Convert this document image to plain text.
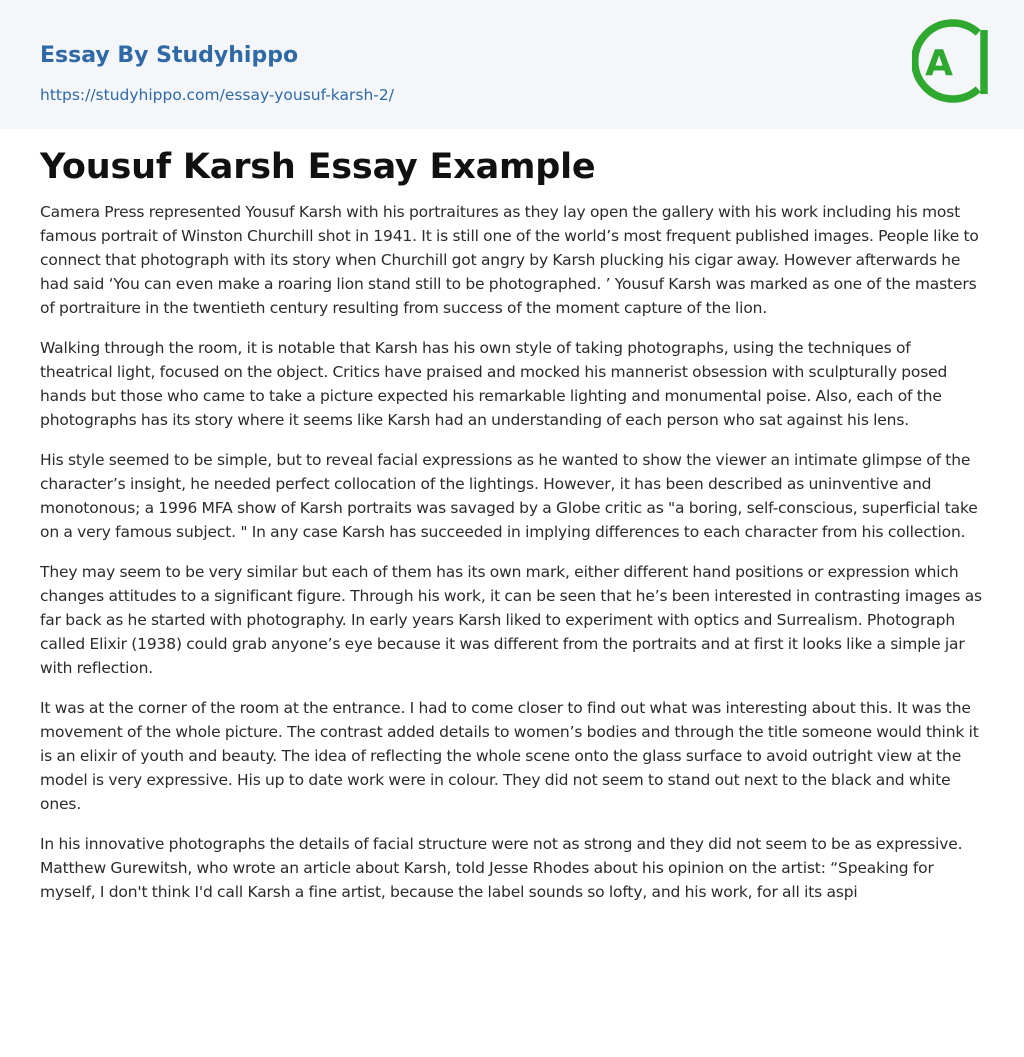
Essay By Studyhippo
https://studyhippo.com/essay-yousuf-karsh-2/
A
Yousuf Karsh Essay Example

Camera Press represented Yousuf Karsh with his portraitures as they lay open the gallery with his work including his most famous portrait of Winston Churchill shot in 1941. It is still one of the world’s most frequent published images. People like to connect that photograph with its story when Churchill got angry by Karsh plucking his cigar away. However afterwards he had said ‘You can even make a roaring lion stand still to be photographed. ’ Yousuf Karsh was marked as one of the masters of portraiture in the twentieth century resulting from success of the moment capture of the lion.

Walking through the room, it is notable that Karsh has his own style of taking photographs, using the techniques of theatrical light, focused on the object. Critics have praised and mocked his mannerist obsession with sculpturally posed hands but those who came to take a picture expected his remarkable lighting and monumental poise. Also, each of the photographs has its story where it seems like Karsh had an understanding of each person who sat against his lens.

His style seemed to be simple, but to reveal facial expressions as he wanted to show the viewer an intimate glimpse of the character’s insight, he needed perfect collocation of the lightings. However, it has been described as uninventive and monotonous; a 1996 MFA show of Karsh portraits was savaged by a Globe critic as "a boring, self-conscious, superficial take on a very famous subject. " In any case Karsh has succeeded in implying differences to each character from his collection.

They may seem to be very similar but each of them has its own mark, either different hand positions or expression which changes attitudes to a significant figure. Through his work, it can be seen that he’s been interested in contrasting images as far back as he started with photography. In early years Karsh liked to experiment with optics and Surrealism. Photograph called Elixir (1938) could grab anyone’s eye because it was different from the portraits and at first it looks like a simple jar with reflection.

It was at the corner of the room at the entrance. I had to come closer to find out what was interesting about this. It was the movement of the whole picture. The contrast added details to women’s bodies and through the title someone would think it is an elixir of youth and beauty. The idea of reflecting the whole scene onto the glass surface to avoid outright view at the model is very expressive. His up to date work were in colour. They did not seem to stand out next to the black and white ones.

In his innovative photographs the details of facial structure were not as strong and they did not seem to be as expressive. Matthew Gurewitsh, who wrote an article about Karsh, told Jesse Rhodes about his opinion on the artist: “Speaking for myself, I don't think I'd call Karsh a fine artist, because the label sounds so lofty, and his work, for all its aspi
